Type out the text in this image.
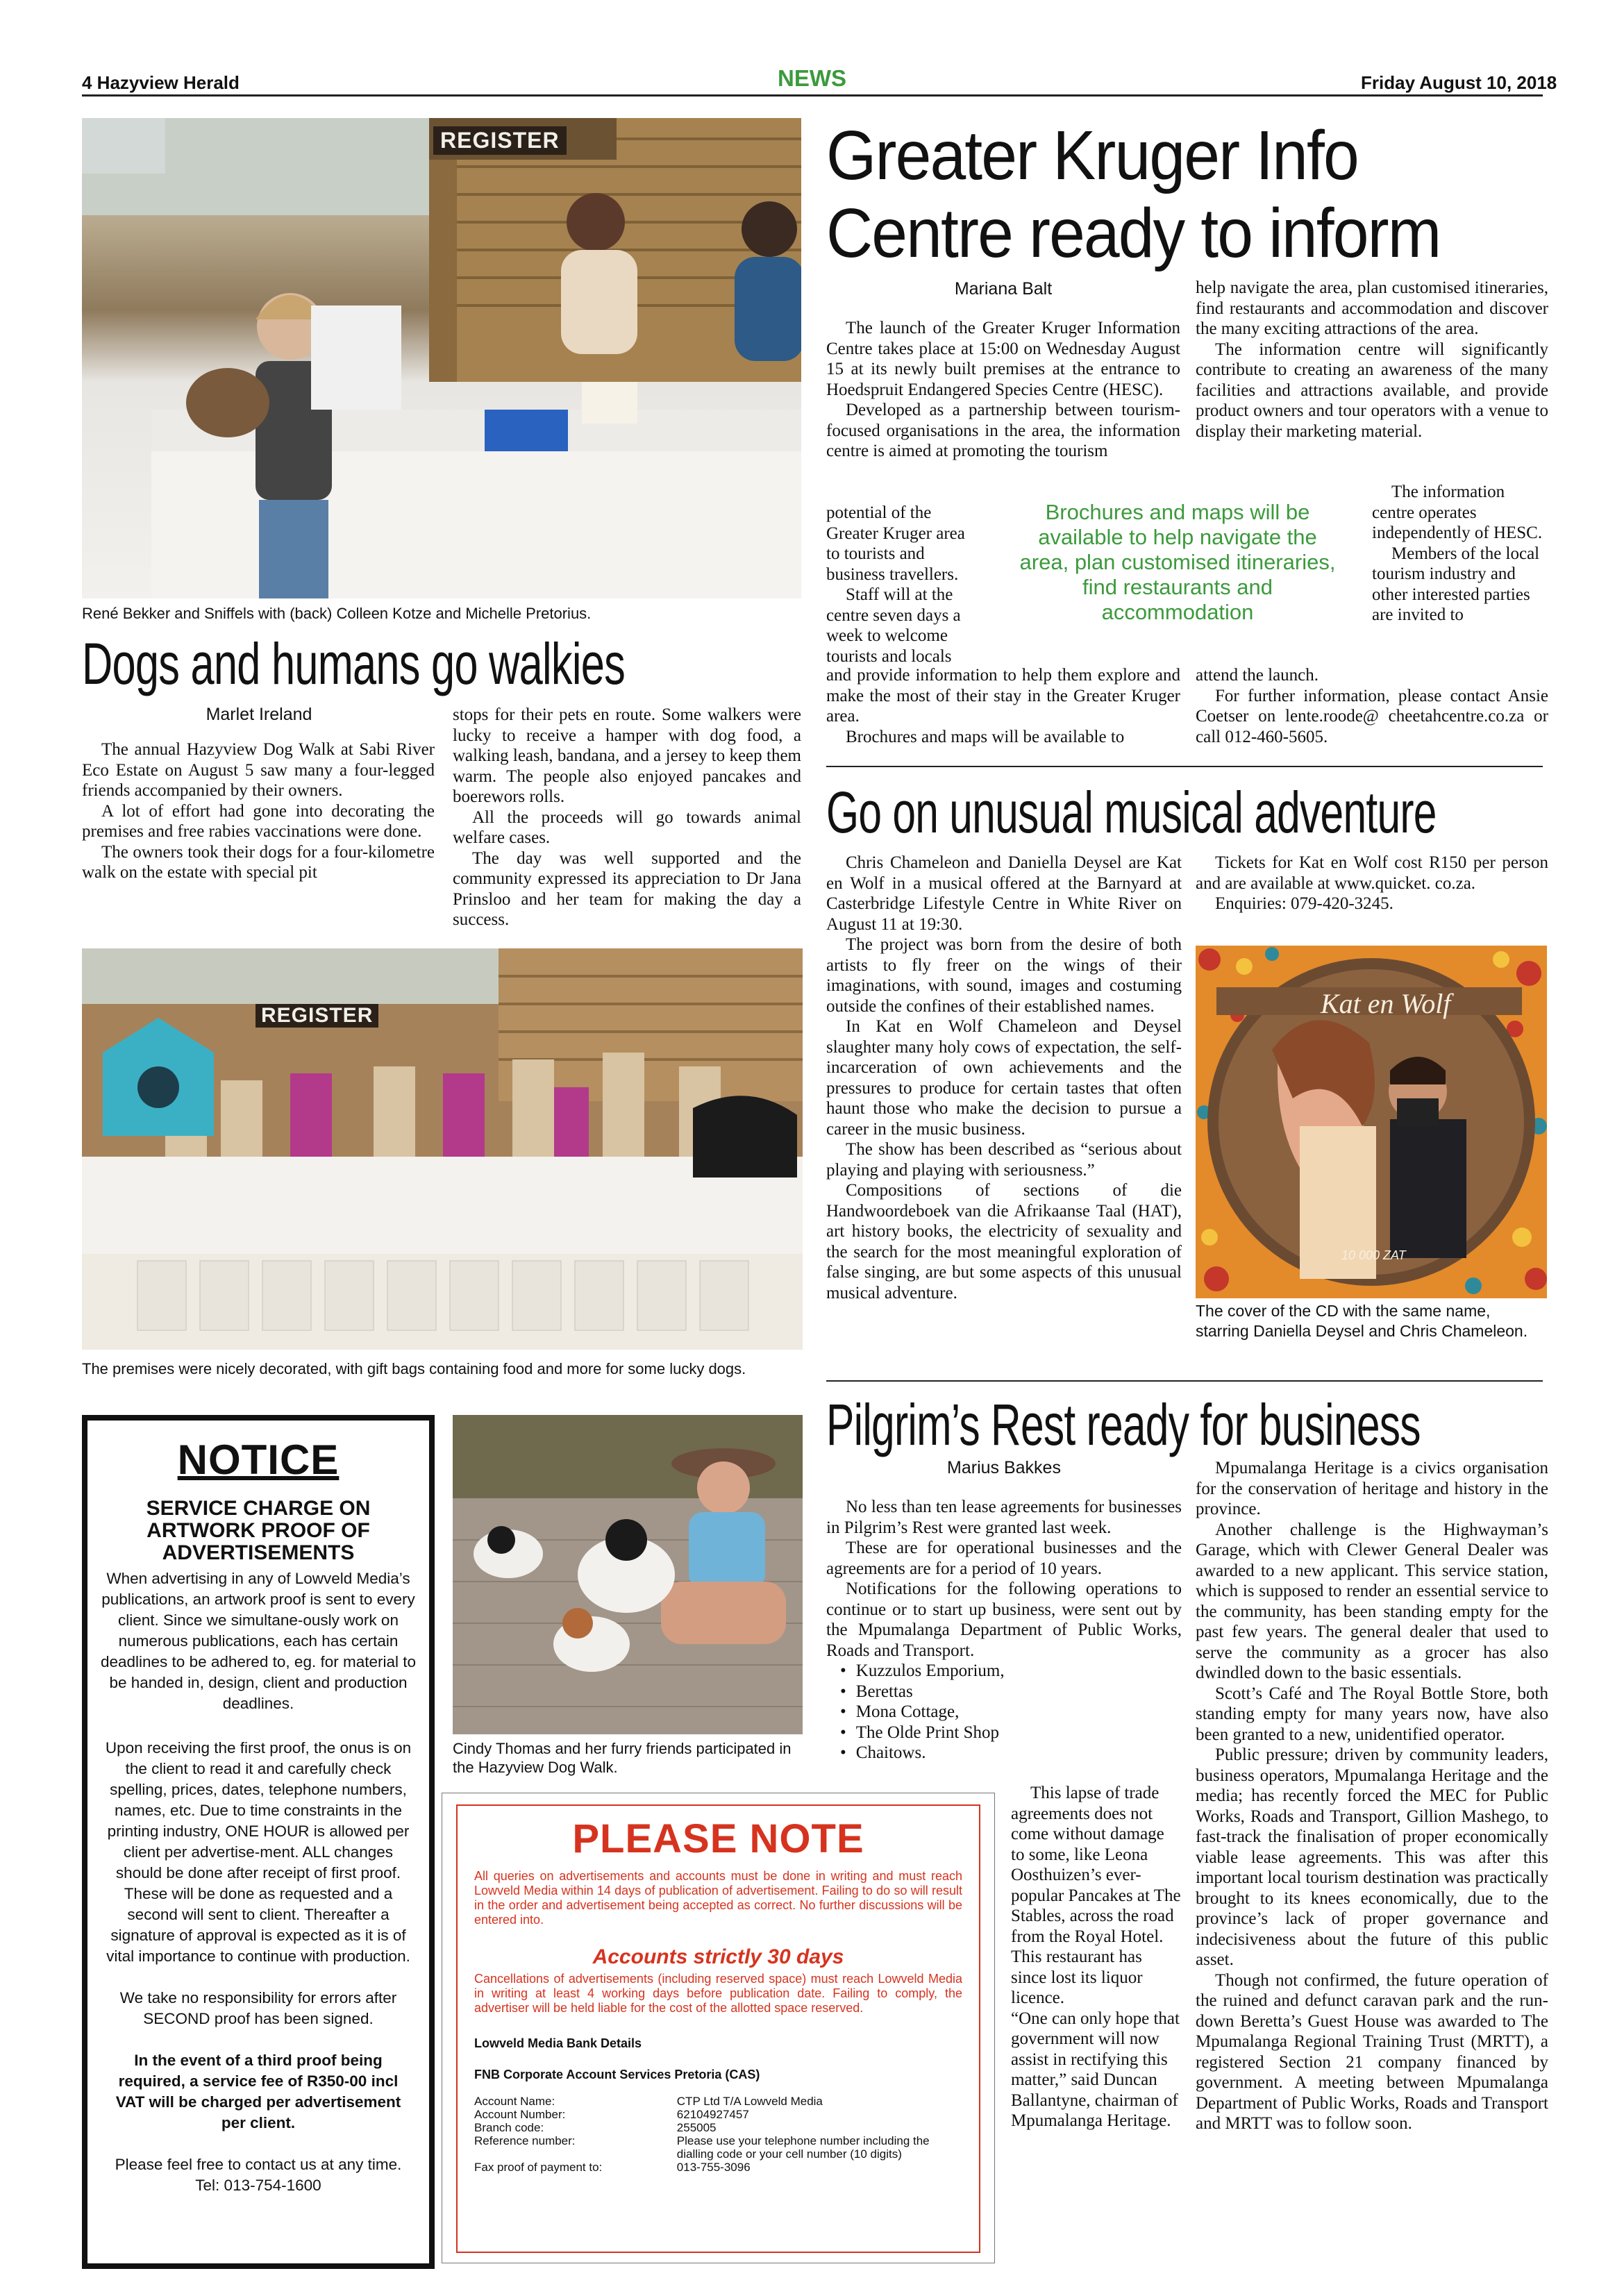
4 Hazyview Herald	NEWS	Friday August 10, 2018
REGISTER
René Bekker and Sniffels with (back) Colleen Kotze and Michelle Pretorius.
Dogs and humans go walkies
Marlet Ireland

The annual Hazyview Dog Walk at Sabi River Eco Estate on August 5 saw many a four-legged friends accompanied by their owners.

A lot of effort had gone into decorating the premises and free rabies vaccinations were done.

The owners took their dogs for a four-kilometre walk on the estate with special pit

stops for their pets en route. Some walkers were lucky to receive a hamper with dog food, a walking leash, bandana, and a jersey to keep them warm. The people also enjoyed pancakes and boerewors rolls.

All the proceeds will go towards animal welfare cases.

The day was well supported and the community expressed its appreciation to Dr Jana Prinsloo and her team for making the day a success.

REGISTER
The premises were nicely decorated, with gift bags containing food and more for some lucky dogs.
NOTICE
SERVICE CHARGE ON ARTWORK PROOF OF ADVERTISEMENTS
When advertising in any of Lowveld Media’s publications, an artwork proof is sent to every client. Since we simultane-ously work on numerous publications, each has certain deadlines to be adhered to, eg. for material to be handed in, design, client and production deadlines.
Upon receiving the first proof, the onus is on the client to read it and carefully check spelling, prices, dates, telephone numbers, names, etc. Due to time constraints in the printing industry, ONE HOUR is allowed per client per advertise-ment. ALL changes should be done after receipt of first proof. These will be done as requested and a second will sent to client. Thereafter a signature of approval is expected as it is of vital importance to continue with production.
We take no responsibility for errors after SECOND proof has been signed.
In the event of a third proof being required, a service fee of R350-00 incl VAT will be charged per advertisement per client.
Please feel free to contact us at any time. Tel: 013-754-1600
Cindy Thomas and her furry friends participated in the Hazyview Dog Walk.
PLEASE NOTE
All queries on advertisements and accounts must be done in writing and must reach Lowveld Media within 14 days of publication of advertisement. Failing to do so will result in the order and advertisement being accepted as correct. No further discussions will be entered into.
Accounts strictly 30 days
Cancellations of advertisements (including reserved space) must reach Lowveld Media in writing at least 4 working days before publication date. Failing to comply, the advertiser will be held liable for the cost of the allotted space reserved.
Lowveld Media Bank Details
FNB Corporate Account Services Pretoria (CAS)
Account Name:	CTP Ltd T/A Lowveld Media
Account Number:	62104927457
Branch code:	255005
Reference number:	Please use your telephone number including the dialling code or your cell number (10 digits)
Fax proof of payment to:	013-755-3096
Greater Kruger Info
Centre ready to inform
Mariana Balt

The launch of the Greater Kruger Information Centre takes place at 15:00 on Wednesday August 15 at its newly built premises at the entrance to Hoedspruit Endangered Species Centre (HESC).

Developed as a partnership between tourism-focused organisations in the area, the information centre is aimed at promoting the tourism

potential of the Greater Kruger area to tourists and business travellers.

Staff will at the centre seven days a week to welcome tourists and locals

and provide information to help them explore and make the most of their stay in the Greater Kruger area.

Brochures and maps will be available to

Brochures and maps will be available to help navigate the area, plan customised itineraries, find restaurants and accommodation

help navigate the area, plan customised itineraries, find restaurants and accommodation and discover the many exciting attractions of the area.

The information centre will significantly contribute to creating an awareness of the many facilities and attractions available, and provide product owners and tour operators with a venue to display their marketing material.

The information centre operates independently of HESC.

Members of the local tourism industry and other interested parties are invited to

attend the launch.

For further information, please contact Ansie Coetser on lente.roode@ cheetahcentre.co.za or call 012-460-5605.

Go on unusual musical adventure

Chris Chameleon and Daniella Deysel are Kat en Wolf in a musical offered at the Barnyard at Casterbridge Lifestyle Centre in White River on August 11 at 19:30.

The project was born from the desire of both artists to fly freer on the wings of their imaginations, with sound, images and costuming outside the confines of their established names.

In Kat en Wolf Chameleon and Deysel slaughter many holy cows of expectation, the self-incarceration of own achievements and the pressures to produce for certain tastes that often haunt those who make the decision to pursue a career in the music business.

The show has been described as “serious about playing and playing with seriousness.”

Compositions of sections of die Handwoordeboek van die Afrikaanse Taal (HAT), art history books, the electricity of sexuality and the search for the most meaningful exploration of false singing, are but some aspects of this unusual musical adventure.

Tickets for Kat en Wolf cost R150 per person and are available at www.quicket. co.za.

Enquiries: 079-420-3245.

Kat en Wolf
10 000 ZAT
The cover of the CD with the same name, starring Daniella Deysel and Chris Chameleon.
Pilgrim’s Rest ready for business
Marius Bakkes

No less than ten lease agreements for businesses in Pilgrim’s Rest were granted last week.

These are for operational businesses and the agreements are for a period of 10 years.

Notifications for the following operations to continue or to start up business, were sent out by the Mpumalanga Department of Public Works, Roads and Transport.

• Kuzzulos Emporium,
• Berettas
• Mona Cottage,
• The Olde Print Shop
• Chaitows.

This lapse of trade agreements does not come without damage to some, like Leona Oosthuizen’s ever-popular Pancakes at The Stables, across the road from the Royal Hotel. This restaurant has since lost its liquor licence.

“One can only hope that government will now assist in rectifying this matter,” said Duncan Ballantyne, chairman of Mpumalanga Heritage.

Mpumalanga Heritage is a civics organisation for the conservation of heritage and history in the province.

Another challenge is the Highwayman’s Garage, which with Clewer General Dealer was awarded to a new applicant. This service station, which is supposed to render an essential service to the community, has been standing empty for the past few years. The general dealer that used to serve the community as a grocer has also dwindled down to the basic essentials.

Scott’s Café and The Royal Bottle Store, both standing empty for many years now, have also been granted to a new, unidentified operator.

Public pressure; driven by community leaders, business operators, Mpumalanga Heritage and the media; has recently forced the MEC for Public Works, Roads and Transport, Gillion Mashego, to fast-track the finalisation of proper economically viable lease agreements. This was after this important local tourism destination was practically brought to its knees economically, due to the province’s lack of proper governance and indecisiveness about the future of this public asset.

Though not confirmed, the future operation of the ruined and defunct caravan park and the run-down Beretta’s Guest House was awarded to The Mpumalanga Regional Training Trust (MRTT), a registered Section 21 company financed by government. A meeting between Mpumalanga Department of Public Works, Roads and Transport and MRTT was to follow soon.
